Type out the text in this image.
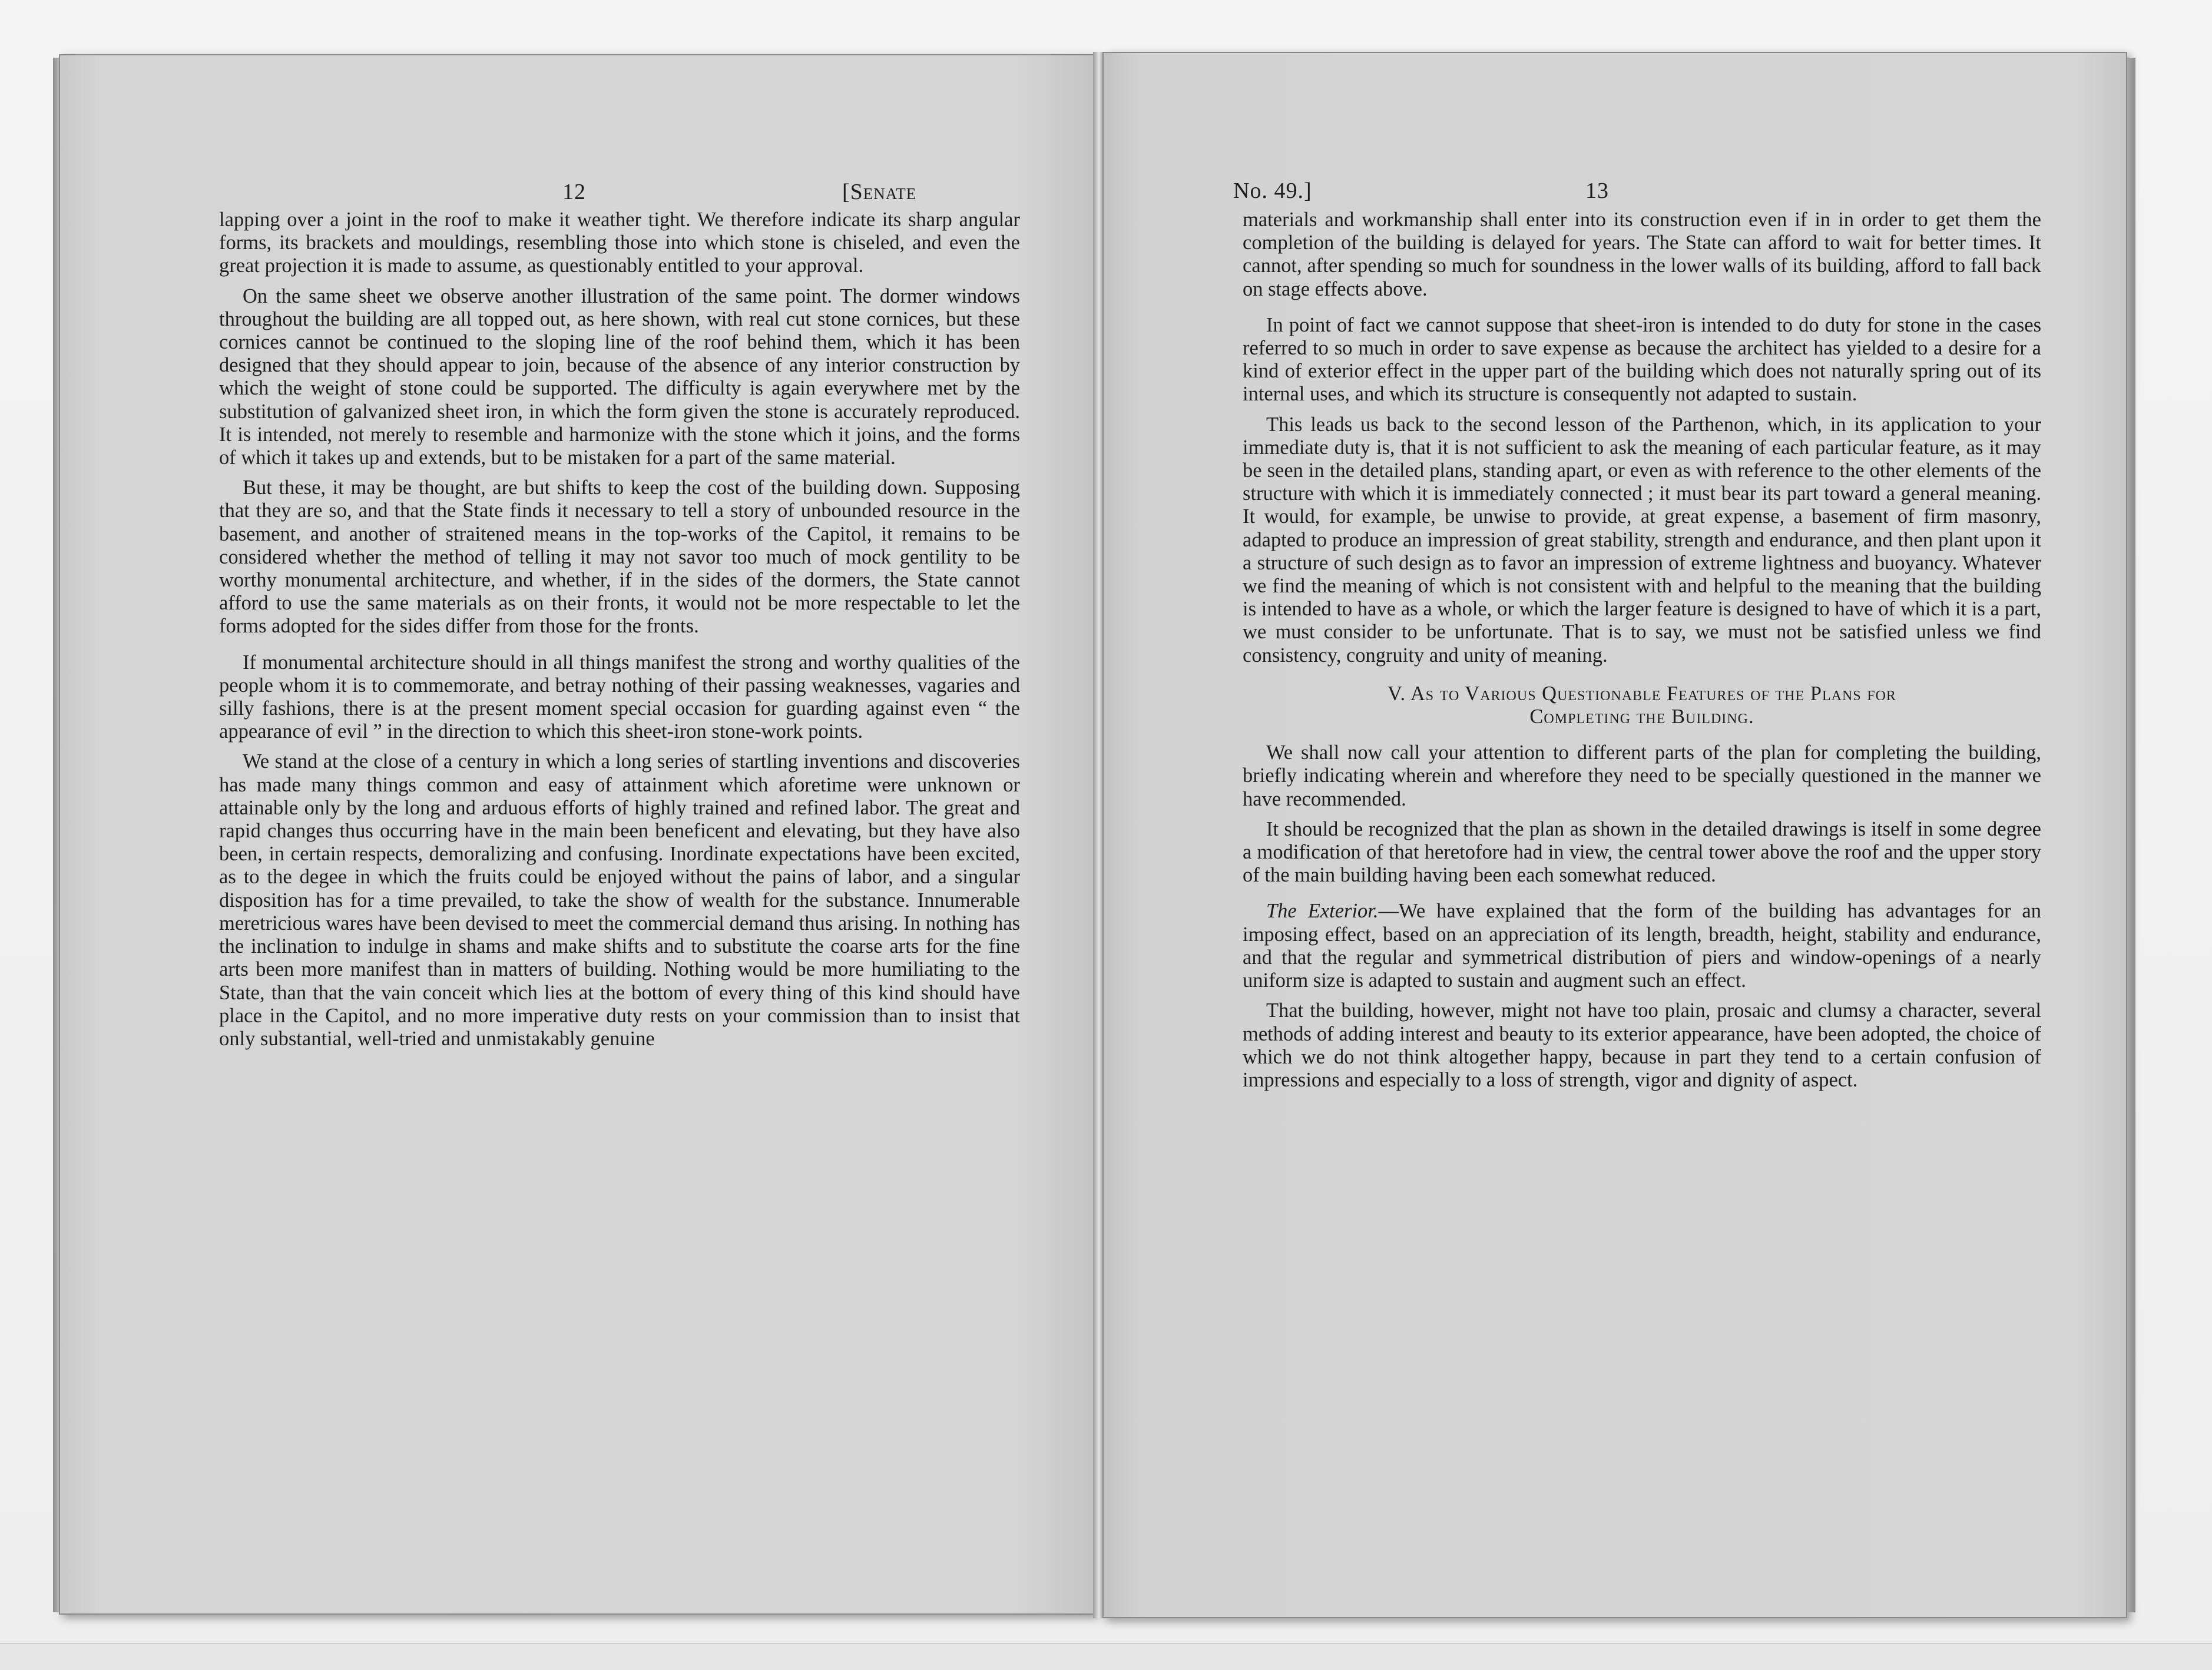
12	[Senate

lapping over a joint in the roof to make it weather tight. We therefore indicate its sharp angular forms, its brackets and mouldings, resembling those into which stone is chiseled, and even the great projection it is made to assume, as questionably entitled to your approval.

On the same sheet we observe another illustration of the same point. The dormer windows throughout the building are all topped out, as here shown, with real cut stone cornices, but these cornices cannot be continued to the sloping line of the roof behind them, which it has been designed that they should appear to join, because of the absence of any interior construction by which the weight of stone could be supported. The difficulty is again everywhere met by the substitution of galvanized sheet iron, in which the form given the stone is accurately reproduced. It is intended, not merely to resemble and harmonize with the stone which it joins, and the forms of which it takes up and extends, but to be mistaken for a part of the same material.

But these, it may be thought, are but shifts to keep the cost of the building down. Supposing that they are so, and that the State finds it necessary to tell a story of unbounded resource in the basement, and another of straitened means in the top-works of the Capitol, it remains to be considered whether the method of telling it may not savor too much of mock gentility to be worthy monumental architecture, and whether, if in the sides of the dormers, the State cannot afford to use the same materials as on their fronts, it would not be more respectable to let the forms adopted for the sides differ from those for the fronts.

If monumental architecture should in all things manifest the strong and worthy qualities of the people whom it is to commemorate, and betray nothing of their passing weaknesses, vagaries and silly fashions, there is at the present moment special occasion for guarding against even “ the appearance of evil ” in the direction to which this sheet-iron stone-work points.

We stand at the close of a century in which a long series of startling inventions and discoveries has made many things common and easy of attainment which aforetime were unknown or attainable only by the long and arduous efforts of highly trained and refined labor. The great and rapid changes thus occurring have in the main been beneficent and elevating, but they have also been, in certain respects, demoralizing and confusing. Inordinate expectations have been excited, as to the degee in which the fruits could be enjoyed without the pains of labor, and a singular disposition has for a time prevailed, to take the show of wealth for the substance. Innumerable meretricious wares have been devised to meet the commercial demand thus arising. In nothing has the inclination to indulge in shams and make shifts and to substitute the coarse arts for the fine arts been more manifest than in matters of building. Nothing would be more humiliating to the State, than that the vain conceit which lies at the bottom of every thing of this kind should have place in the Capitol, and no more imperative duty rests on your commission than to insist that only substantial, well-tried and unmistakably genuine

No. 49.]	13

materials and workmanship shall enter into its construction even if in in order to get them the completion of the building is delayed for years. The State can afford to wait for better times. It cannot, after spending so much for soundness in the lower walls of its building, afford to fall back on stage effects above.

In point of fact we cannot suppose that sheet-iron is intended to do duty for stone in the cases referred to so much in order to save expense as because the architect has yielded to a desire for a kind of exterior effect in the upper part of the building which does not naturally spring out of its internal uses, and which its structure is consequently not adapted to sustain.

This leads us back to the second lesson of the Parthenon, which, in its application to your immediate duty is, that it is not sufficient to ask the meaning of each particular feature, as it may be seen in the detailed plans, standing apart, or even as with reference to the other elements of the structure with which it is immediately connected ; it must bear its part toward a general meaning. It would, for example, be unwise to provide, at great expense, a basement of firm masonry, adapted to produce an impression of great stability, strength and endurance, and then plant upon it a structure of such design as to favor an impression of extreme lightness and buoyancy. Whatever we find the meaning of which is not consistent with and helpful to the meaning that the building is intended to have as a whole, or which the larger feature is designed to have of which it is a part, we must consider to be unfortunate. That is to say, we must not be satisfied unless we find consistency, congruity and unity of meaning.

V. As to Various Questionable Features of the Plans for
Completing the Building.

We shall now call your attention to different parts of the plan for completing the building, briefly indicating wherein and wherefore they need to be specially questioned in the manner we have recommended.

It should be recognized that the plan as shown in the detailed drawings is itself in some degree a modification of that heretofore had in view, the central tower above the roof and the upper story of the main building having been each somewhat reduced.

The Exterior.—We have explained that the form of the building has advantages for an imposing effect, based on an appreciation of its length, breadth, height, stability and endurance, and that the regular and symmetrical distribution of piers and window-openings of a nearly uniform size is adapted to sustain and augment such an effect.

That the building, however, might not have too plain, prosaic and clumsy a character, several methods of adding interest and beauty to its exterior appearance, have been adopted, the choice of which we do not think altogether happy, because in part they tend to a certain confusion of impressions and especially to a loss of strength, vigor and dignity of aspect.
